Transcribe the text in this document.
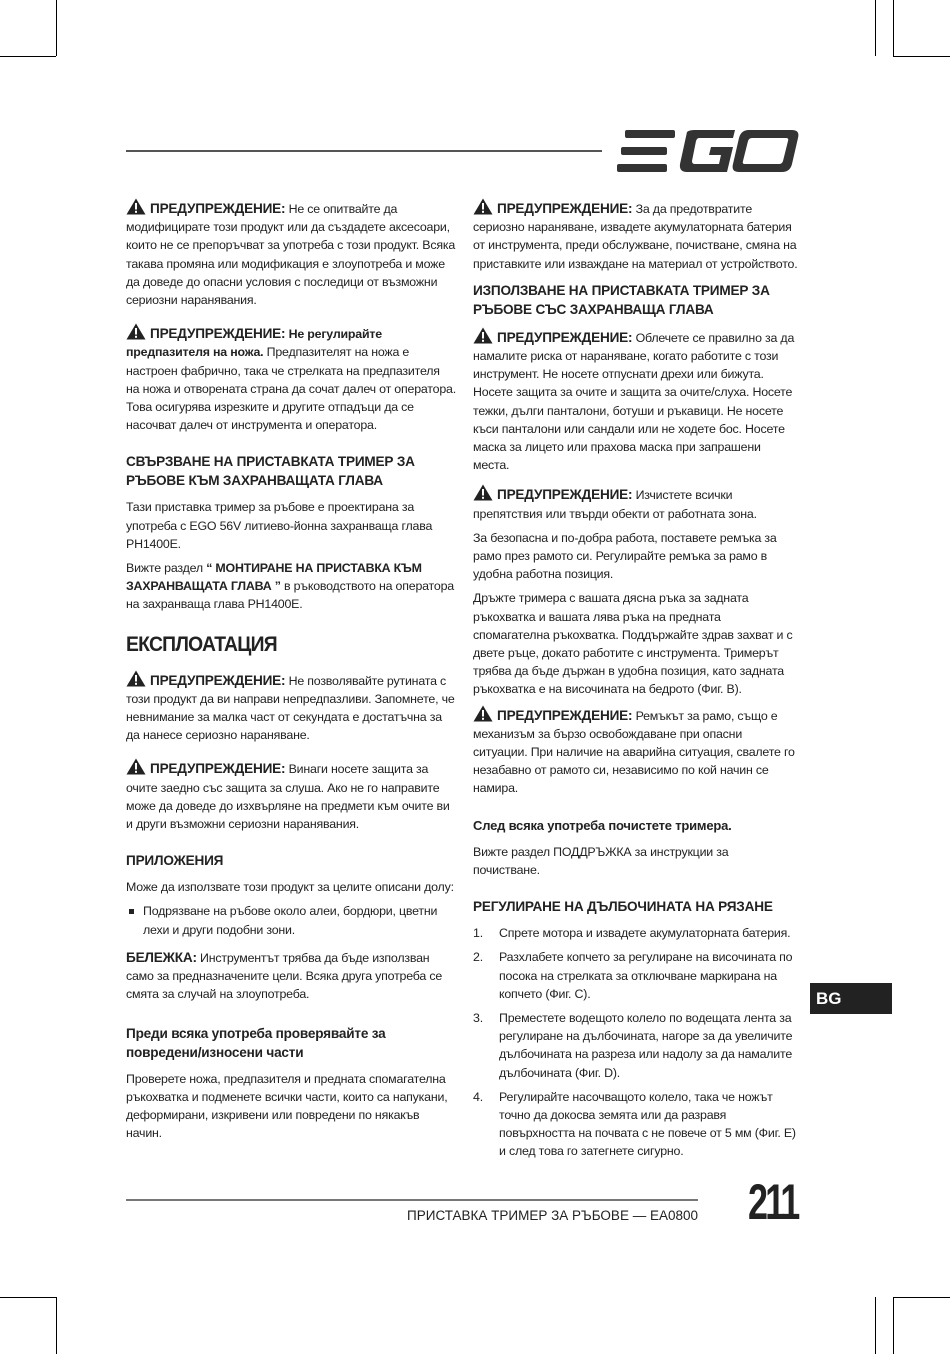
ПРЕДУПРЕЖДЕНИЕ: Не се опитвайте да модифицирате този продукт или да създадете аксесоари, които не се препоръчват за употреба с този продукт. Всяка такава промяна или модификация е злоупотреба и може да доведе до опасни условия с последици от възможни сериозни наранявания.

ПРЕДУПРЕЖДЕНИЕ: Не регулирайте предпазителя на ножа. Предпазителят на ножа е настроен фабрично, така че стрелката на предпазителя на ножа и отворената страна да сочат далеч от оператора. Това осигурява изрезките и другите отпадъци да се насочват далеч от инструмента и оператора.

СВЪРЗВАНЕ НА ПРИСТАВКАТА ТРИМЕР ЗА РЪБОВЕ КЪМ ЗАХРАНВАЩАТА ГЛАВА

Тази приставка тример за ръбове е проектирана за употреба с EGO 56V литиево-йонна захранваща глава PH1400E.

Вижте раздел “ МОНТИРАНЕ НА ПРИСТАВКА КЪМ ЗАХРАНВАЩАТА ГЛАВА ” в ръководството на оператора на захранваща глава PH1400E.

ЕКСПЛОАТАЦИЯ

ПРЕДУПРЕЖДЕНИЕ: Не позволявайте рутината с този продукт да ви направи непредпазливи. Запомнете, че невнимание за малка част от секундата е достатъчна за да нанесе сериозно нараняване.

ПРЕДУПРЕЖДЕНИЕ: Винаги носете защита за очите заедно със защита за слуша. Ако не го направите може да доведе до изхвърляне на предмети към очите ви и други възможни сериозни наранявания.

ПРИЛОЖЕНИЯ

Може да използвате този продукт за целите описани долу:

Подрязване на ръбове около алеи, бордюри, цветни лехи и други подобни зони.

БЕЛЕЖКА: Инструментът трябва да бъде използван само за предназначените цели. Всяка друга употреба се смята за случай на злоупотреба.

Преди всяка употреба проверявайте за повредени/износени части

Проверете ножа, предпазителя и предната спомагателна ръкохватка и подменете всички части, които са напукани, деформирани, изкривени или повредени по някакъв начин.

ПРЕДУПРЕЖДЕНИЕ: За да предотвратите сериозно нараняване, извадете акумулаторната батерия от инструмента, преди обслужване, почистване, смяна на приставките или изваждане на материал от устройството.

ИЗПОЛЗВАНЕ НА ПРИСТАВКАТА ТРИМЕР ЗА РЪБОВЕ СЪС ЗАХРАНВАЩА ГЛАВА

ПРЕДУПРЕЖДЕНИЕ: Облечете се правилно за да намалите риска от нараняване, когато работите с този инструмент. Не носете отпуснати дрехи или бижута. Носете защита за очите и защита за очите/слуха. Носете тежки, дълги панталони, ботуши и ръкавици. Не носете къси панталони или сандали или не ходете бос. Носете маска за лицето или прахова маска при запрашени места.

ПРЕДУПРЕЖДЕНИЕ: Изчистете всички препятствия или твърди обекти от работната зона.

За безопасна и по-добра работа, поставете ремъка за рамо през рамото си. Регулирайте ремъка за рамо в удобна работна позиция.

Дръжте тримера с вашата дясна ръка за задната ръкохватка и вашата лява ръка на предната спомагателна ръкохватка. Поддържайте здрав захват и с двете ръце, докато работите с инструмента. Тримерът трябва да бъде държан в удобна позиция, като задната ръкохватка е на височината на бедрото (Фиг. B).

ПРЕДУПРЕЖДЕНИЕ: Ремъкът за рамо, също е механизъм за бързо освобождаване при опасни ситуации. При наличие на аварийна ситуация, свалете го незабавно от рамото си, независимо по кой начин се намира.

След всяка употреба почистете тримера.

Вижте раздел ПОДДРЪЖКА за инструкции за почистване.

РЕГУЛИРАНЕ НА ДЪЛБОЧИНАТА НА РЯЗАНЕ
1. Спрете мотора и извадете акумулаторната батерия.
2. Разхлабете копчето за регулиране на височината по посока на стрелката за отключване маркирана на копчето (Фиг. C).
3. Преместете водещото колело по водещата лента за регулиране на дълбочината, нагоре за да увеличите дълбочината на разреза или надолу за да намалите дълбочината (Фиг. D).
4. Регулирайте насочващото колело, така че ножът точно да докосва земята или да разравя повърхността на почвата с не повече от 5 мм (Фиг. E) и след това го затегнете сигурно.
BG
ПРИСТАВКА ТРИМЕР ЗА РЪБОВЕ — EA0800 211
